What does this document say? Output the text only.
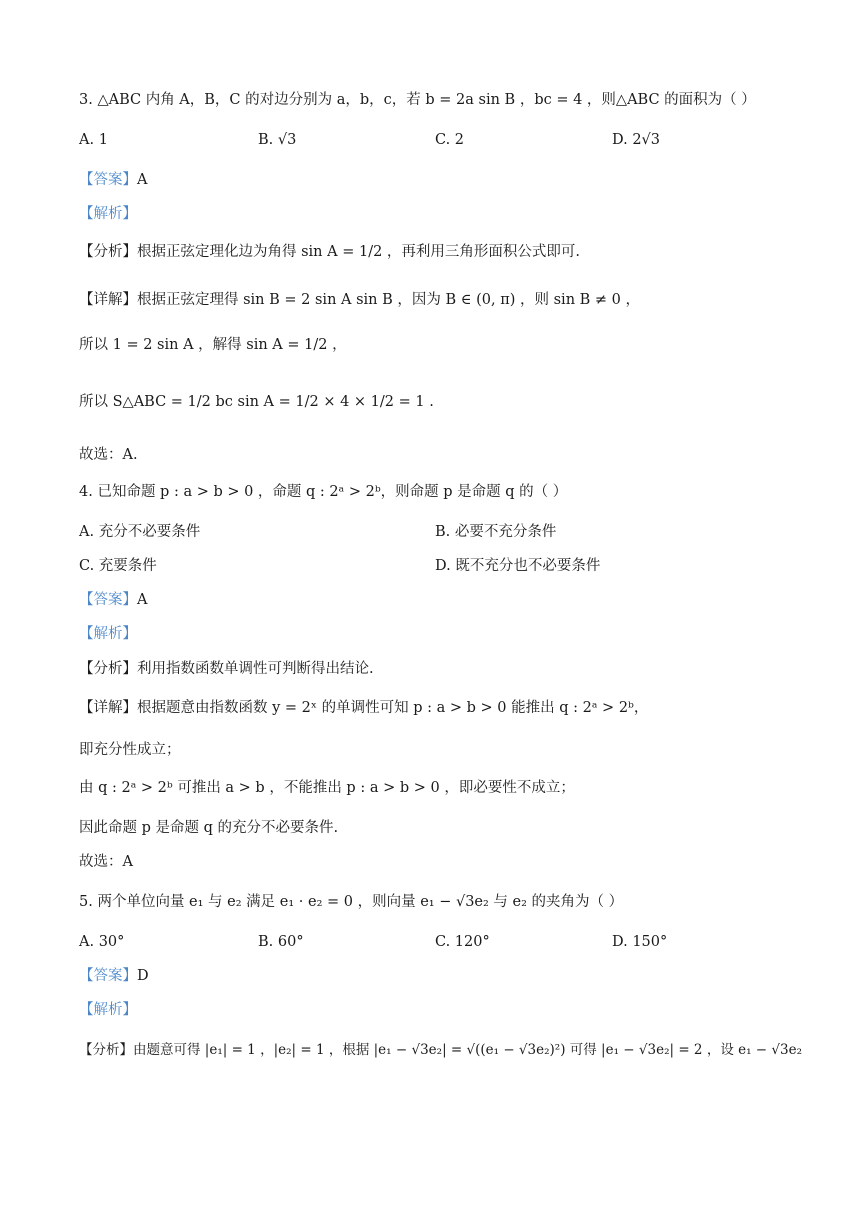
3. △ABC 内角 A，B，C 的对边分别为 a，b，c，若 b = 2a sin B ，bc = 4 ，则△ABC 的面积为（ ）
A. 1	B. √3	C. 2	D. 2√3
【答案】A
【解析】
【分析】根据正弦定理化边为角得 sin A = 1/2 ，再利用三角形面积公式即可.
【详解】根据正弦定理得 sin B = 2 sin A sin B ，因为 B ∈ (0, π) ，则 sin B ≠ 0 ，
所以 1 = 2 sin A ，解得 sin A = 1/2 ，
所以 S△ABC = 1/2 bc sin A = 1/2 × 4 × 1/2 = 1 .
故选：A.
4. 已知命题 p : a > b > 0 ，命题 q : 2ᵃ > 2ᵇ，则命题 p 是命题 q 的（ ）
A. 充分不必要条件	B. 必要不充分条件
C. 充要条件	D. 既不充分也不必要条件
【答案】A
【解析】
【分析】利用指数函数单调性可判断得出结论.
【详解】根据题意由指数函数 y = 2ˣ 的单调性可知 p : a > b > 0 能推出 q : 2ᵃ > 2ᵇ，
即充分性成立；
由 q : 2ᵃ > 2ᵇ 可推出 a > b ，不能推出 p : a > b > 0 ，即必要性不成立；
因此命题 p 是命题 q 的充分不必要条件.
故选：A
5. 两个单位向量 e₁ 与 e₂ 满足 e₁ · e₂ = 0 ，则向量 e₁ − √3e₂ 与 e₂ 的夹角为（ ）
A. 30°	B. 60°	C. 120°	D. 150°
【答案】D
【解析】
【分析】由题意可得 |e₁| = 1 ，|e₂| = 1 ，根据 |e₁ − √3e₂| = √((e₁ − √3e₂)²) 可得 |e₁ − √3e₂| = 2 ，设 e₁ − √3e₂
